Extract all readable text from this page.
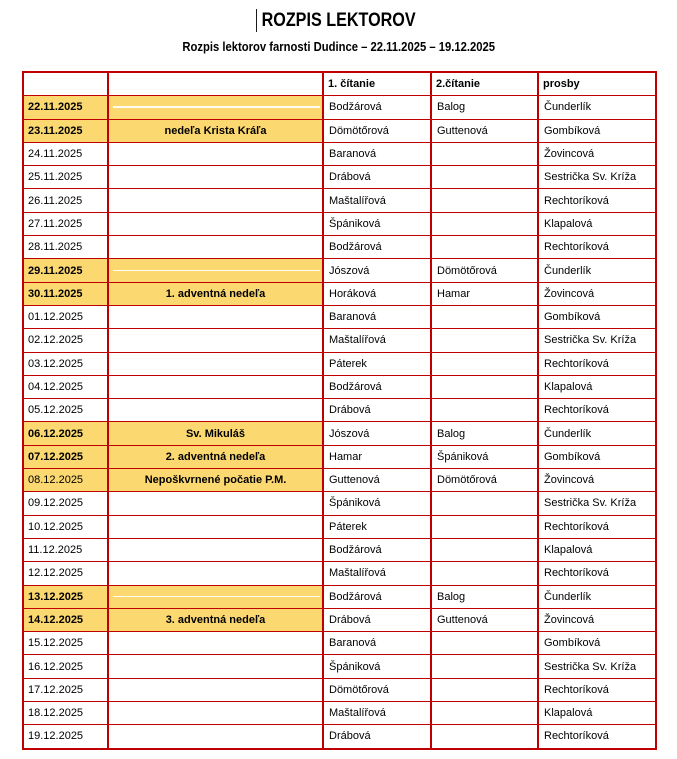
ROZPIS LEKTOROV
Rozpis lektorov farnosti Dudince – 22.11.2025 – 19.12.2025
		1. čítanie	2.čítanie	prosby
22.11.2025		Bodžárová	Balog	Čunderlík
23.11.2025	nedeľa Krista Kráľa	Dömötőrová	Guttenová	Gombíková
24.11.2025		Baranová		Žovincová
25.11.2025		Drábová		Sestrička Sv. Kríža
26.11.2025		Maštalířová		Rechtoríková
27.11.2025		Špániková		Klapalová
28.11.2025		Bodžárová		Rechtoríková
29.11.2025		Jószová	Dömötőrová	Čunderlík
30.11.2025	1. adventná nedeľa	Horáková	Hamar	Žovincová
01.12.2025		Baranová		Gombíková
02.12.2025		Maštalířová		Sestrička Sv. Kríža
03.12.2025		Páterek		Rechtoríková
04.12.2025		Bodžárová		Klapalová
05.12.2025		Drábová		Rechtoríková
06.12.2025	Sv. Mikuláš	Jószová	Balog	Čunderlík
07.12.2025	2. adventná nedeľa	Hamar	Špániková	Gombíková
08.12.2025	Nepoškvrnené počatie P.M.	Guttenová	Dömötőrová	Žovincová
09.12.2025		Špániková		Sestrička Sv. Kríža
10.12.2025		Páterek		Rechtoríková
11.12.2025		Bodžárová		Klapalová
12.12.2025		Maštalířová		Rechtoríková
13.12.2025		Bodžárová	Balog	Čunderlík
14.12.2025	3. adventná nedeľa	Drábová	Guttenová	Žovincová
15.12.2025		Baranová		Gombíková
16.12.2025		Špániková		Sestrička Sv. Kríža
17.12.2025		Dömötőrová		Rechtoríková
18.12.2025		Maštalířová		Klapalová
19.12.2025		Drábová		Rechtoríková
